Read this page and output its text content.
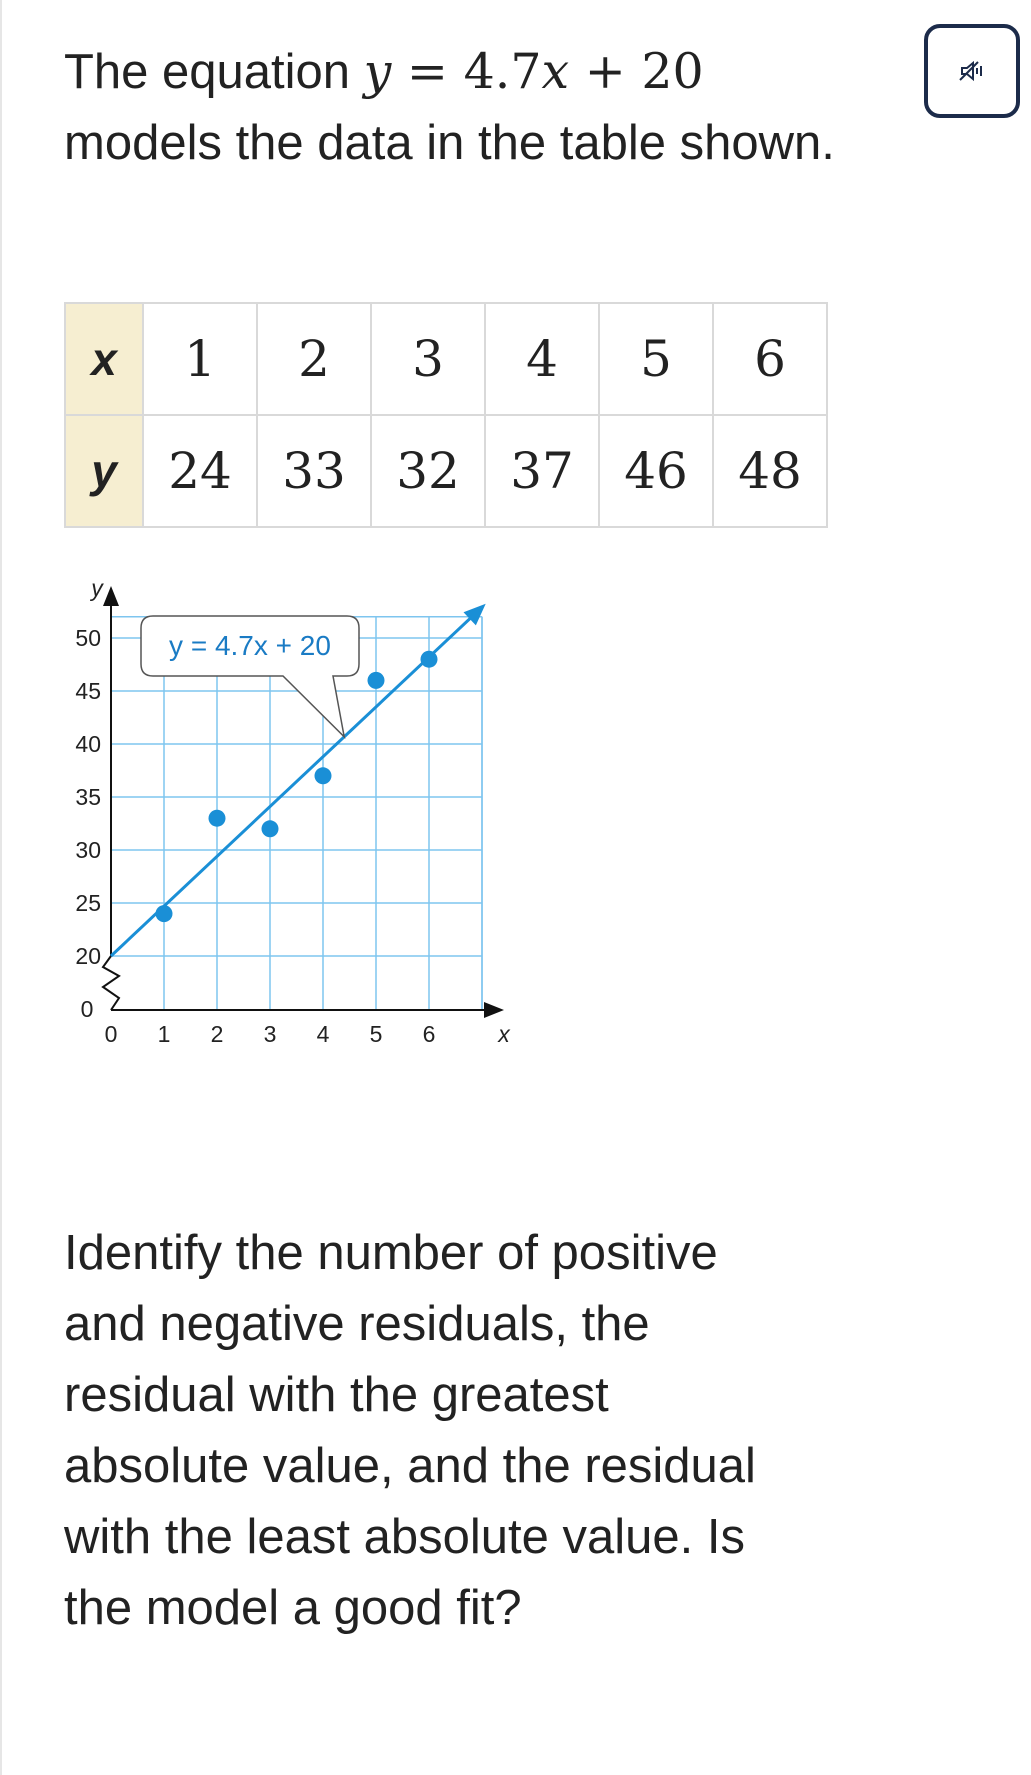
The equation y = 4.7x + 20
models the data in the table shown.
x	1	2	3	4	5	6
y	24	33	32	37	46	48
0 1 2 3 4 5 6
20
25
30
35
40
45
50
0
x
y
y = 4.7x + 20
Identify the number of positive and negative residuals, the residual with the greatest absolute value, and the residual with the least absolute value. Is the model a good fit?
